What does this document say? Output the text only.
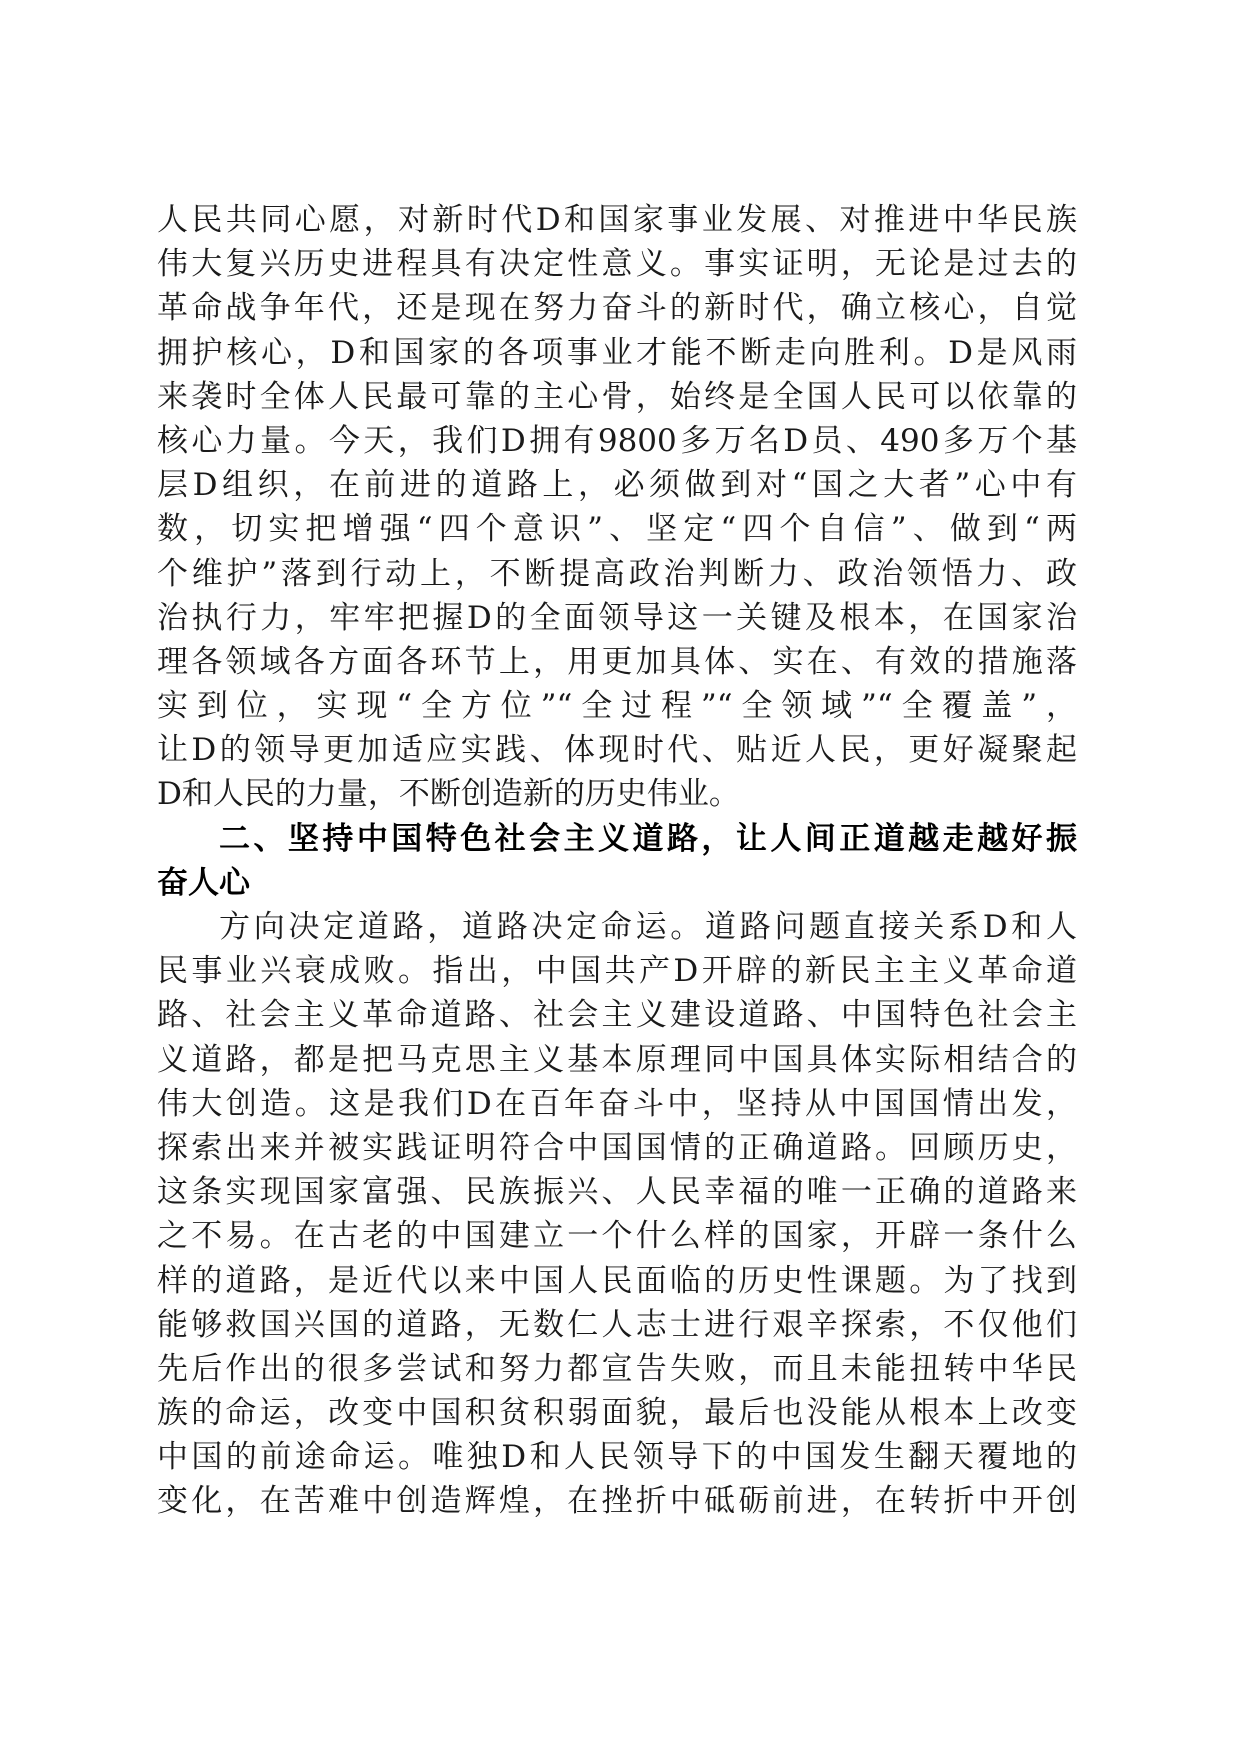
人民共同心愿，对新时代D和国家事业发展、对推进中华民族
伟大复兴历史进程具有决定性意义。事实证明，无论是过去的
革命战争年代，还是现在努力奋斗的新时代，确立核心，自觉
拥护核心，D和国家的各项事业才能不断走向胜利。D是风雨
来袭时全体人民最可靠的主心骨，始终是全国人民可以依靠的
核心力量。今天，我们D拥有9800多万名D员、490多万个基
层D组织，在前进的道路上，必须做到对“国之大者”心中有
数，切实把增强“四个意识”、坚定“四个自信”、做到“两
个维护”落到行动上，不断提高政治判断力、政治领悟力、政
治执行力，牢牢把握D的全面领导这一关键及根本，在国家治
理各领域各方面各环节上，用更加具体、实在、有效的措施落
实到位，实现“全方位”“全过程”“全领域”“全覆盖”，
让D的领导更加适应实践、体现时代、贴近人民，更好凝聚起
D和人民的力量，不断创造新的历史伟业。
二、坚持中国特色社会主义道路，让人间正道越走越好振
奋人心
方向决定道路，道路决定命运。道路问题直接关系D和人
民事业兴衰成败。指出，中国共产D开辟的新民主主义革命道
路、社会主义革命道路、社会主义建设道路、中国特色社会主
义道路，都是把马克思主义基本原理同中国具体实际相结合的
伟大创造。这是我们D在百年奋斗中，坚持从中国国情出发，
探索出来并被实践证明符合中国国情的正确道路。回顾历史，
这条实现国家富强、民族振兴、人民幸福的唯一正确的道路来
之不易。在古老的中国建立一个什么样的国家，开辟一条什么
样的道路，是近代以来中国人民面临的历史性课题。为了找到
能够救国兴国的道路，无数仁人志士进行艰辛探索，不仅他们
先后作出的很多尝试和努力都宣告失败，而且未能扭转中华民
族的命运，改变中国积贫积弱面貌，最后也没能从根本上改变
中国的前途命运。唯独D和人民领导下的中国发生翻天覆地的
变化，在苦难中创造辉煌，在挫折中砥砺前进，在转折中开创
